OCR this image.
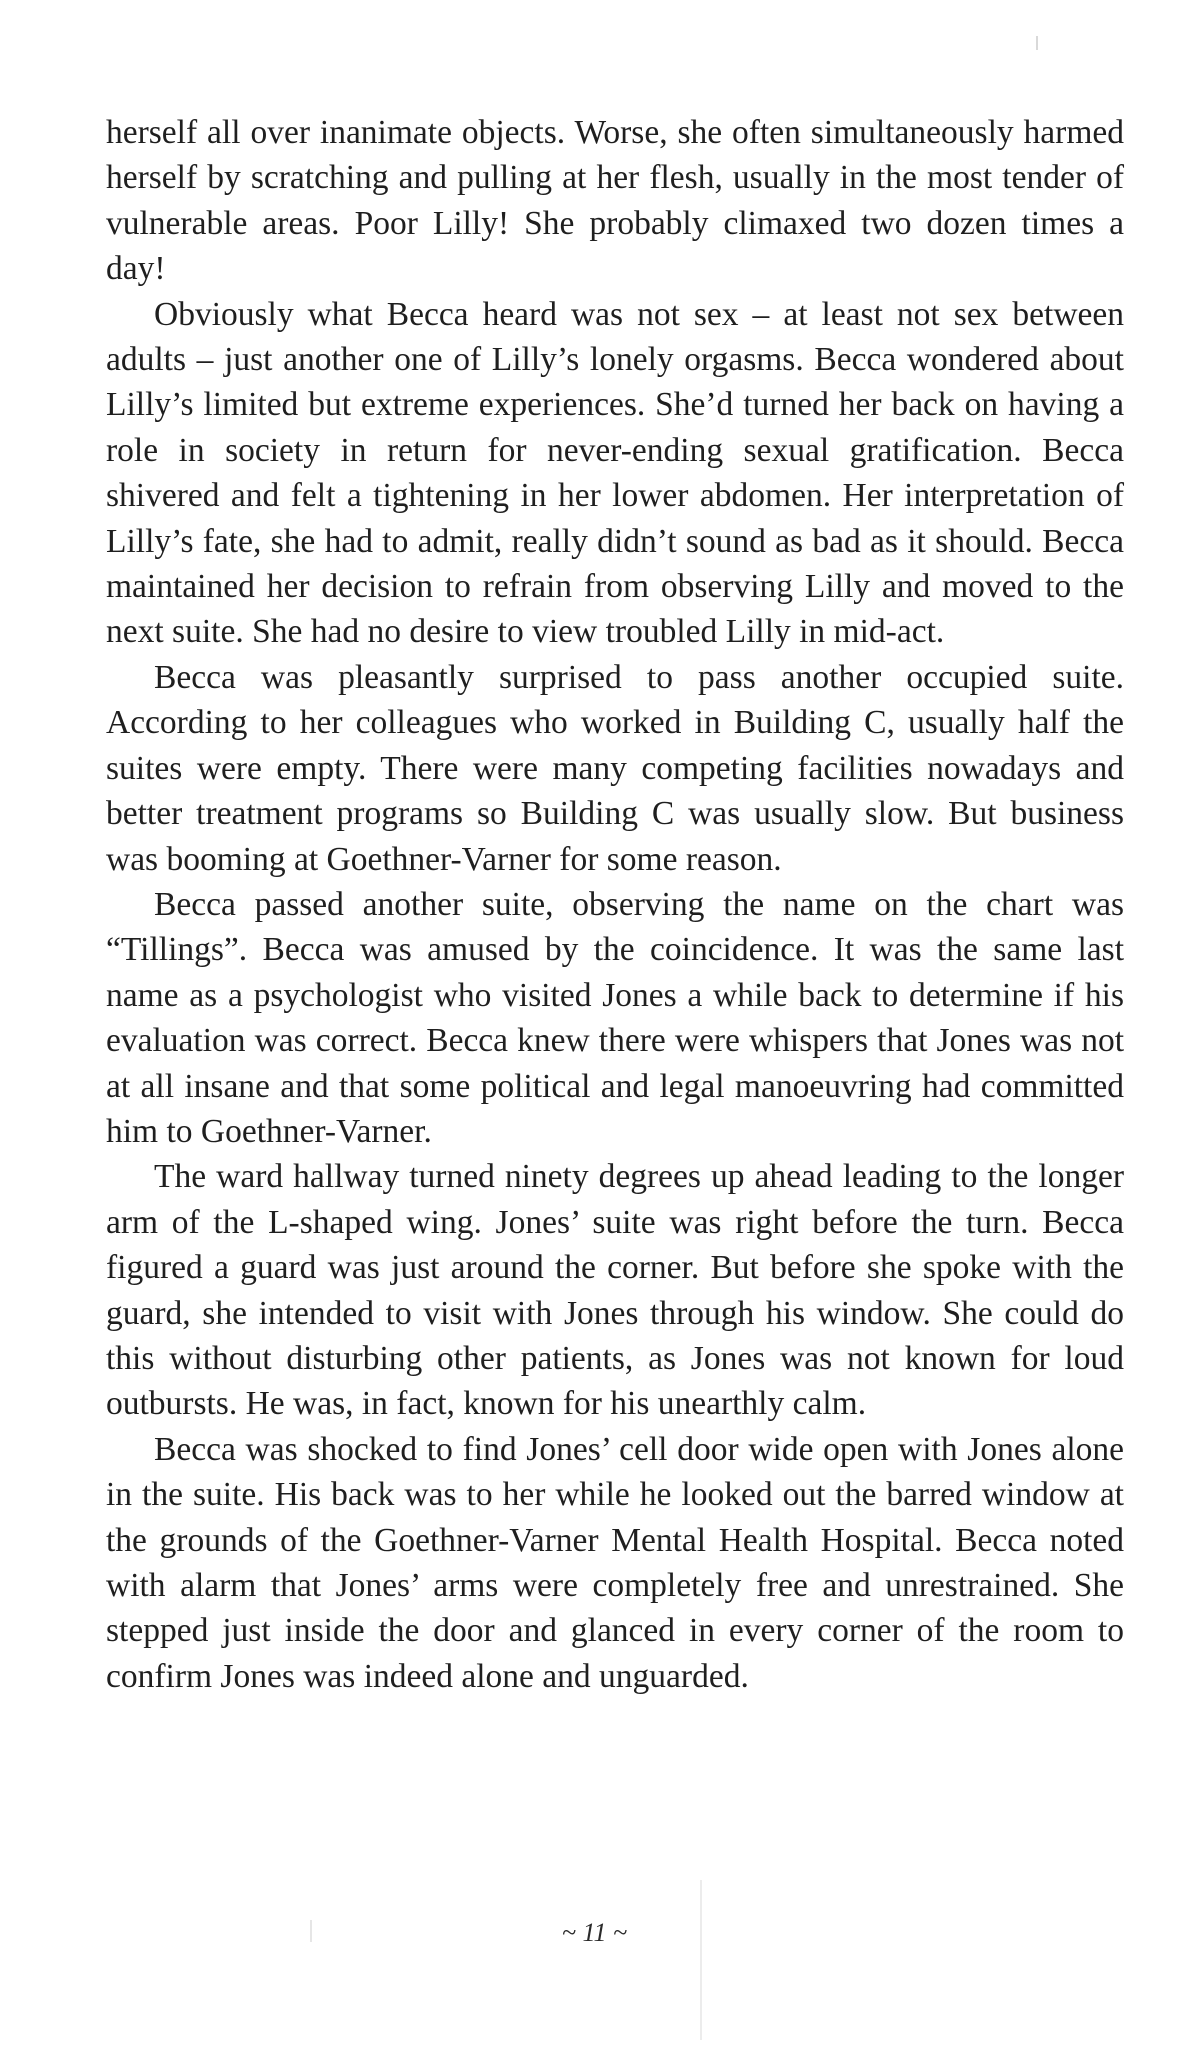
herself all over inanimate objects. Worse, she often simultaneously harmed herself by scratching and pulling at her flesh, usually in the most tender of vulnerable areas. Poor Lilly! She probably climaxed two dozen times a day!

Obviously what Becca heard was not sex – at least not sex between adults – just another one of Lilly’s lonely orgasms. Becca wondered about Lilly’s limited but extreme experiences. She’d turned her back on having a role in society in return for never-ending sexual gratification. Becca shivered and felt a tightening in her lower abdomen. Her interpretation of Lilly’s fate, she had to admit, really didn’t sound as bad as it should. Becca maintained her decision to refrain from observing Lilly and moved to the next suite. She had no desire to view troubled Lilly in mid-act.

Becca was pleasantly surprised to pass another occupied suite. According to her colleagues who worked in Building C, usually half the suites were empty. There were many competing facilities nowadays and better treatment programs so Building C was usually slow. But business was booming at Goethner-Varner for some reason.

Becca passed another suite, observing the name on the chart was “Tillings”. Becca was amused by the coincidence. It was the same last name as a psychologist who visited Jones a while back to determine if his evaluation was correct. Becca knew there were whispers that Jones was not at all insane and that some political and legal manoeuvring had committed him to Goethner-Varner.

The ward hallway turned ninety degrees up ahead leading to the longer arm of the L-shaped wing. Jones’ suite was right before the turn. Becca figured a guard was just around the corner. But before she spoke with the guard, she intended to visit with Jones through his window. She could do this without disturbing other patients, as Jones was not known for loud outbursts. He was, in fact, known for his unearthly calm.

Becca was shocked to find Jones’ cell door wide open with Jones alone in the suite. His back was to her while he looked out the barred window at the grounds of the Goethner-Varner Mental Health Hospital. Becca noted with alarm that Jones’ arms were completely free and unrestrained. She stepped just inside the door and glanced in every corner of the room to confirm Jones was indeed alone and unguarded.

~ 11 ~
